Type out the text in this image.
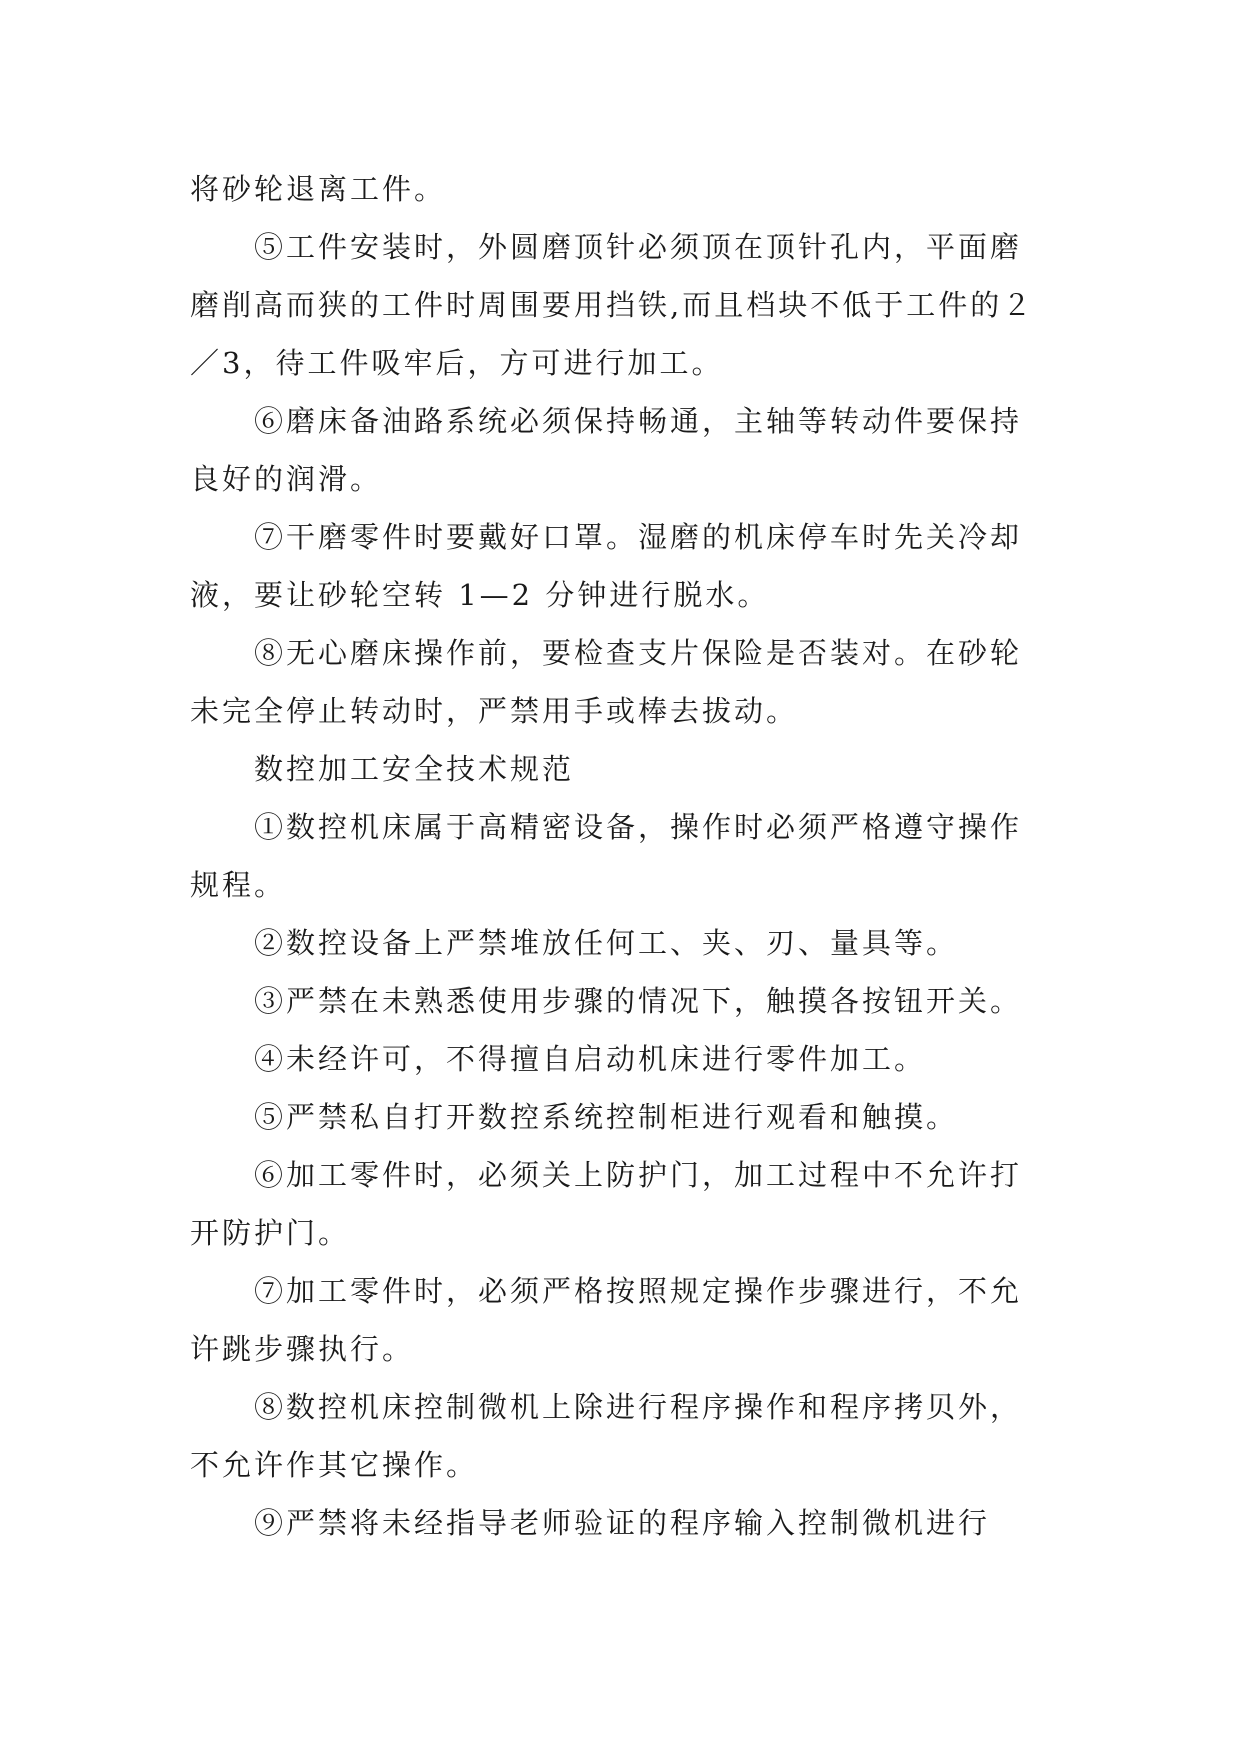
将砂轮退离工件。
⑤工件安装时，外圆磨顶针必须顶在顶针孔内，平面磨
磨削高而狭的工件时周围要用挡铁,而且档块不低于工件的２
／3，待工件吸牢后，方可进行加工。
⑥磨床备油路系统必须保持畅通，主轴等转动件要保持
良好的润滑。
⑦干磨零件时要戴好口罩。湿磨的机床停车时先关冷却
液，要让砂轮空转 1—2 分钟进行脱水。
⑧无心磨床操作前，要检查支片保险是否装对。在砂轮
未完全停止转动时，严禁用手或棒去拔动。
数控加工安全技术规范
①数控机床属于高精密设备，操作时必须严格遵守操作
规程。
②数控设备上严禁堆放任何工、夹、刃、量具等。
③严禁在未熟悉使用步骤的情况下，触摸各按钮开关。
④未经许可，不得擅自启动机床进行零件加工。
⑤严禁私自打开数控系统控制柜进行观看和触摸。
⑥加工零件时，必须关上防护门，加工过程中不允许打
开防护门。
⑦加工零件时，必须严格按照规定操作步骤进行，不允
许跳步骤执行。
⑧数控机床控制微机上除进行程序操作和程序拷贝外，
不允许作其它操作。
⑨严禁将未经指导老师验证的程序输入控制微机进行
